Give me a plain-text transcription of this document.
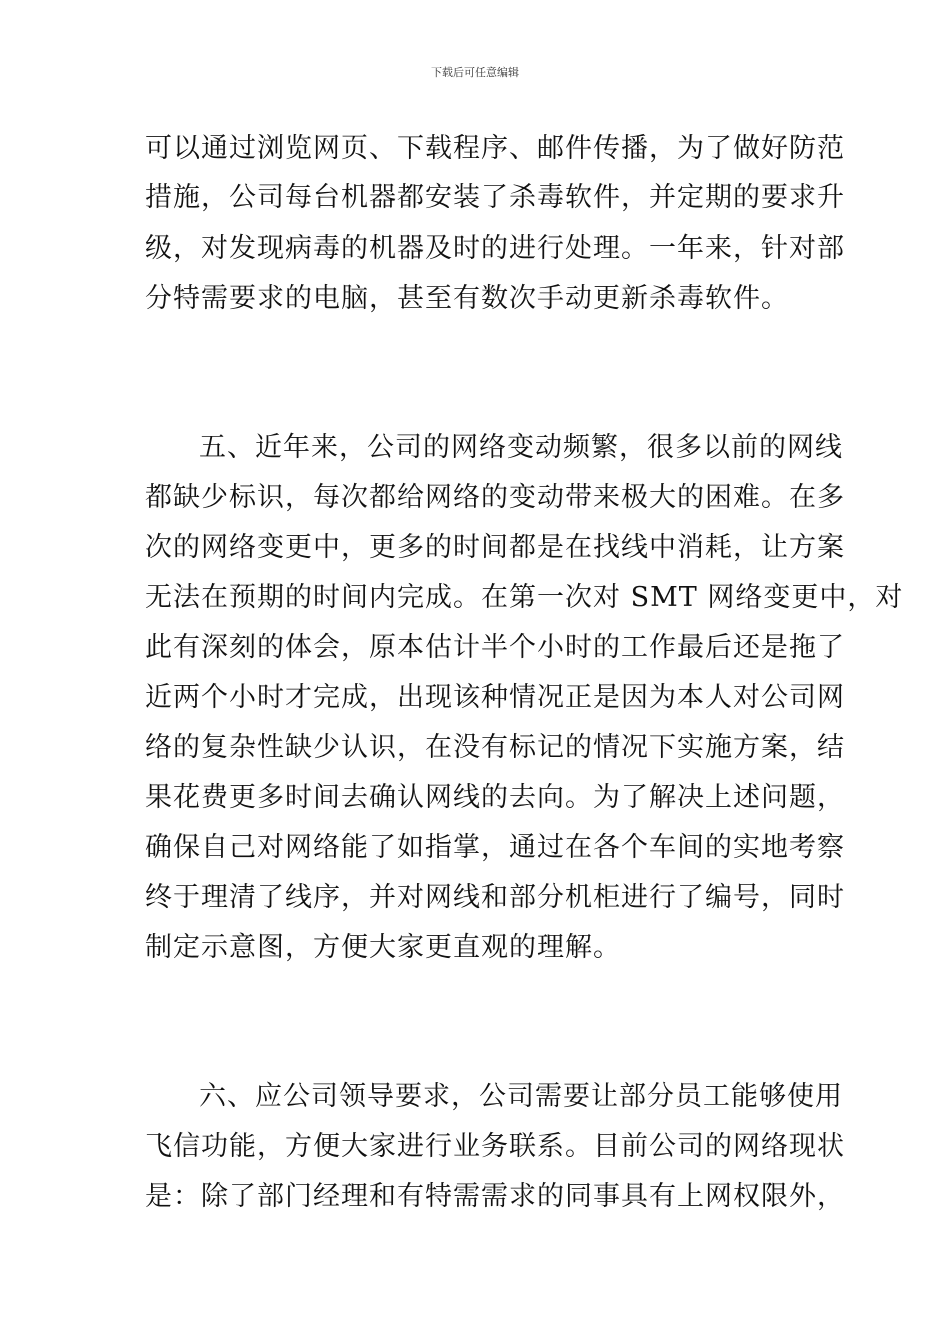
下载后可任意编辑
可以通过浏览网页、下载程序、邮件传播，为了做好防范
措施，公司每台机器都安装了杀毒软件，并定期的要求升
级，对发现病毒的机器及时的进行处理。一年来，针对部
分特需要求的电脑，甚至有数次手动更新杀毒软件。
五、近年来，公司的网络变动频繁，很多以前的网线
都缺少标识，每次都给网络的变动带来极大的困难。在多
次的网络变更中，更多的时间都是在找线中消耗，让方案
无法在预期的时间内完成。在第一次对 SMT 网络变更中，对
此有深刻的体会，原本估计半个小时的工作最后还是拖了
近两个小时才完成，出现该种情况正是因为本人对公司网
络的复杂性缺少认识，在没有标记的情况下实施方案，结
果花费更多时间去确认网线的去向。为了解决上述问题，
确保自己对网络能了如指掌，通过在各个车间的实地考察
终于理清了线序，并对网线和部分机柜进行了编号，同时
制定示意图，方便大家更直观的理解。
六、应公司领导要求，公司需要让部分员工能够使用
飞信功能，方便大家进行业务联系。目前公司的网络现状
是：除了部门经理和有特需需求的同事具有上网权限外，
